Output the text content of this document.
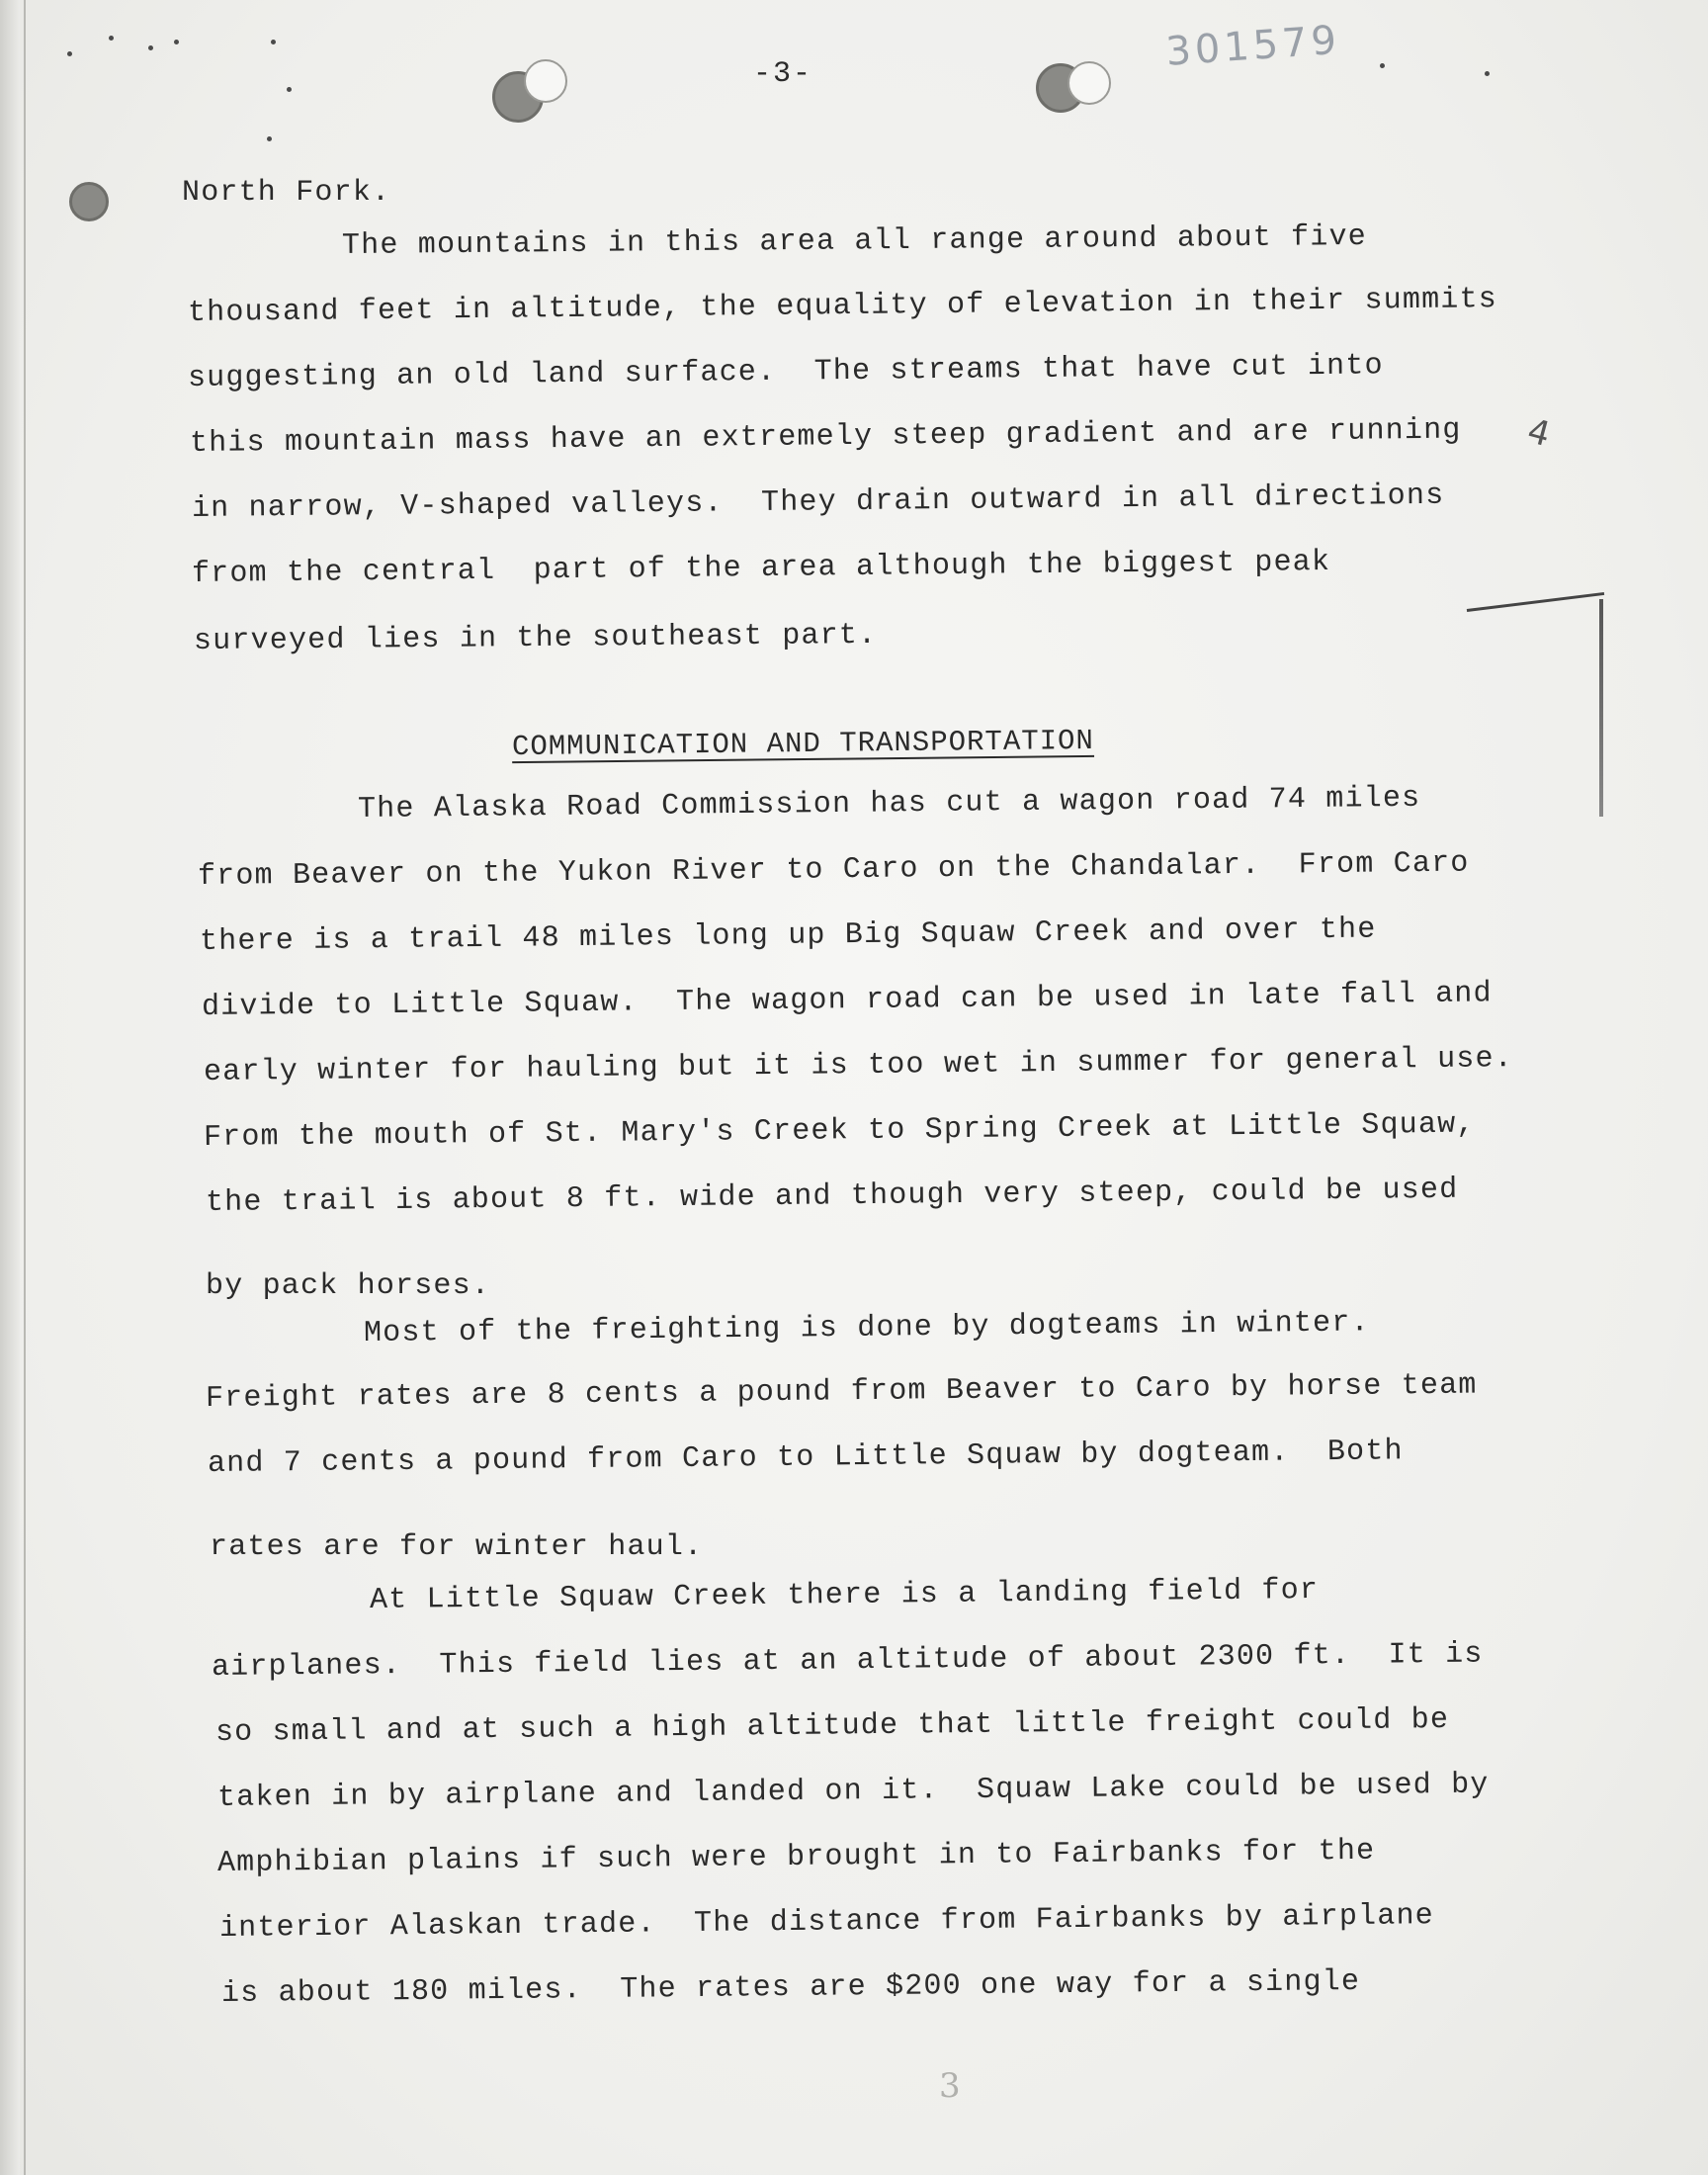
-3-	301579
North Fork.
The mountains in this area all range around about five
thousand feet in altitude, the equality of elevation in their summits
suggesting an old land surface.  The streams that have cut into
this mountain mass have an extremely steep gradient and are running
in narrow, V-shaped valleys.  They drain outward in all directions
from the central  part of the area although the biggest peak
surveyed lies in the southeast part.
COMMUNICATION AND TRANSPORTATION
The Alaska Road Commission has cut a wagon road 74 miles
from Beaver on the Yukon River to Caro on the Chandalar.  From Caro
there is a trail 48 miles long up Big Squaw Creek and over the
divide to Little Squaw.  The wagon road can be used in late fall and
early winter for hauling but it is too wet in summer for general use.
From the mouth of St. Mary's Creek to Spring Creek at Little Squaw,
the trail is about 8 ft. wide and though very steep, could be used
by pack horses.
Most of the freighting is done by dogteams in winter.
Freight rates are 8 cents a pound from Beaver to Caro by horse team
and 7 cents a pound from Caro to Little Squaw by dogteam.  Both
rates are for winter haul.
At Little Squaw Creek there is a landing field for
airplanes.  This field lies at an altitude of about 2300 ft.  It is
so small and at such a high altitude that little freight could be
taken in by airplane and landed on it.  Squaw Lake could be used by
Amphibian plains if such were brought in to Fairbanks for the
interior Alaskan trade.  The distance from Fairbanks by airplane
is about 180 miles.  The rates are $200 one way for a single
4
3
